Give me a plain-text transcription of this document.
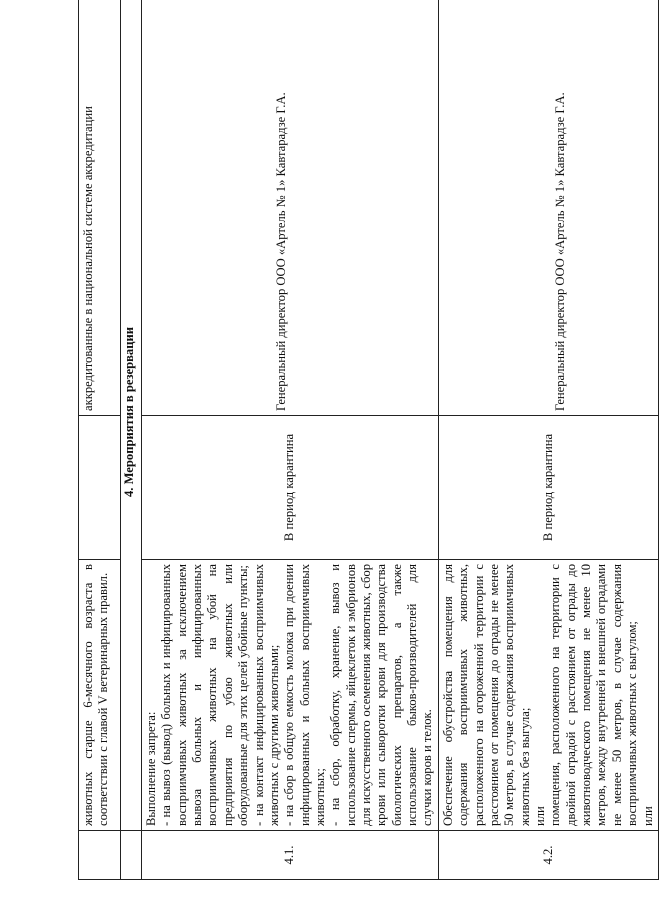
	животных старше 6-месячного возраста в соответствии с главой V ветеринарных правил.		аккредитованные в национальной системе аккредитации
	4. Мероприятия в резервации		
4.1.	Выполнение запрета: - на вывоз (вывод) больных и инфицированных восприимчивых животных за исключением вывоза больных и инфицированных восприимчивых животных на убой на предприятия по убою животных или оборудованные для этих целей убойные пункты; - на контакт инфицированных восприимчивых животных с другими животными; - на сбор в общую емкость молока при доении инфицированных и больных восприимчивых животных; - на сбор, обработку, хранение, вывоз и использование спермы, яйцеклеток и эмбрионов для искусственного осеменения животных, сбор крови или сыворотки крови для производства биологических препаратов, а также использование быков-производителей для случки коров и телок.	В период карантина	Генеральный директор ООО «Артель № 1» Кавтарадзе Г.А.

4.2.	Обеспечение обустройства помещения для содержания восприимчивых животных, расположенного на огороженной территории с расстоянием от помещения до ограды не менее 50 метров, в случае содержания восприимчивых животных без выгула; или помещения, расположенного на территории с двойной оградой с расстоянием от ограды до животноводческого помещения не менее 10 метров, между внутренней и внешней оградами не менее 50 метров, в случае содержания восприимчивых животных с выгулом; или	В период карантина	Генеральный директор ООО «Артель № 1» Кавтарадзе Г.А.
